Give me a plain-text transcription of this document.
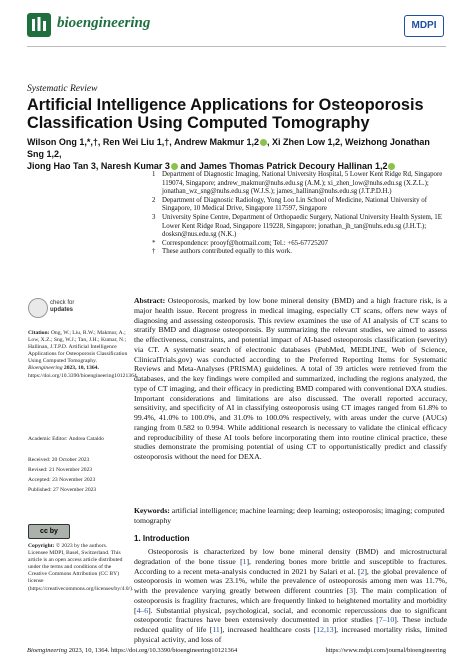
bioengineering	MDPI
Systematic Review
Artificial Intelligence Applications for Osteoporosis Classification Using Computed Tomography
Wilson Ong 1,*,†, Ren Wei Liu 1,†, Andrew Makmur 1,2 , Xi Zhen Low 1,2, Weizhong Jonathan Sng 1,2,
Jiong Hao Tan 3, Naresh Kumar 3 and James Thomas Patrick Decoury Hallinan 1,2
1 Department of Diagnostic Imaging, National University Hospital, 5 Lower Kent Ridge Rd, Singapore 119074, Singapore; andrew_makmur@nuhs.edu.sg (A.M.); xi_zhen_low@nuhs.edu.sg (X.Z.L.); jonathan_wz_sng@nuhs.edu.sg (W.J.S.); james_hallinan@nuhs.edu.sg (J.T.P.D.H.)
2 Department of Diagnostic Radiology, Yong Loo Lin School of Medicine, National University of Singapore, 10 Medical Drive, Singapore 117597, Singapore
3 University Spine Centre, Department of Orthopaedic Surgery, National University Health System, 1E Lower Kent Ridge Road, Singapore 119228, Singapore; jonathan_jh_tan@nuhs.edu.sg (J.H.T.); dosksn@nus.edu.sg (N.K.)
* Correspondence: prooyf@hotmail.com; Tel.: +65-67725207
† These authors contributed equally to this work.
Abstract: Osteoporosis, marked by low bone mineral density (BMD) and a high fracture risk, is a major health issue. Recent progress in medical imaging, especially CT scans, offers new ways of diagnosing and assessing osteoporosis. This review examines the use of AI analysis of CT scans to stratify BMD and diagnose osteoporosis. By summarizing the relevant studies, we aimed to assess the effectiveness, constraints, and potential impact of AI-based osteoporosis classification (severity) via CT. A systematic search of electronic databases (PubMed, MEDLINE, Web of Science, ClinicalTrials.gov) was conducted according to the Preferred Reporting Items for Systematic Reviews and Meta-Analyses (PRISMA) guidelines. A total of 39 articles were retrieved from the databases, and the key findings were compiled and summarized, including the regions analyzed, the type of CT imaging, and their efficacy in predicting BMD compared with conventional DXA studies. Important considerations and limitations are also discussed. The overall reported accuracy, sensitivity, and specificity of AI in classifying osteoporosis using CT images ranged from 61.8% to 99.4%, 41.0% to 100.0%, and 31.0% to 100.0% respectively, with areas under the curve (AUCs) ranging from 0.582 to 0.994. While additional research is necessary to validate the clinical efficacy and reproducibility of these AI tools before incorporating them into routine clinical practice, these studies demonstrate the promising potential of using CT to opportunistically predict and classify osteoporosis without the need for DEXA.
Keywords: artificial intelligence; machine learning; deep learning; osteoporosis; imaging; computed tomography
check for
updates
Citation: Ong, W.; Liu, R.W.; Makmur, A.; Low, X.Z.; Sng, W.J.; Tan, J.H.; Kumar, N.; Hallinan, J.T.P.D. Artificial Intelligence Applications for Osteoporosis Classification Using Computed Tomography. Bioengineering 2023, 10, 1364. https://doi.org/10.3390/bioengineering10121364
Academic Editor: Andrea Cataldo
Received: 20 October 2023
Revised: 21 November 2023
Accepted: 23 November 2023
Published: 27 November 2023
cc by
Copyright: © 2023 by the authors. Licensee MDPI, Basel, Switzerland. This article is an open access article distributed under the terms and conditions of the Creative Commons Attribution (CC BY) license (https://creativecommons.org/licenses/by/4.0/).
1. Introduction
Osteoporosis is characterized by low bone mineral density (BMD) and microstructural degradation of the bone tissue [1], rendering bones more brittle and susceptible to fractures. According to a recent meta-analysis conducted in 2021 by Salari et al. [2], the global prevalence of osteoporosis in women was 23.1%, while the prevalence of osteoporosis among men was 11.7%, with the prevalence varying greatly between different countries [3]. The main complication of osteoporosis is fragility fractures, which are frequently linked to heightened mortality and morbidity [4–6]. Substantial physical, psychological, social, and economic repercussions due to significant osteoporotic fractures have been extensively documented in prior studies [7–10]. These include reduced quality of life [11], increased healthcare costs [12,13], increased mortality risks, limited physical activity, and loss of
Bioengineering 2023, 10, 1364. https://doi.org/10.3390/bioengineering10121364	https://www.mdpi.com/journal/bioengineering
